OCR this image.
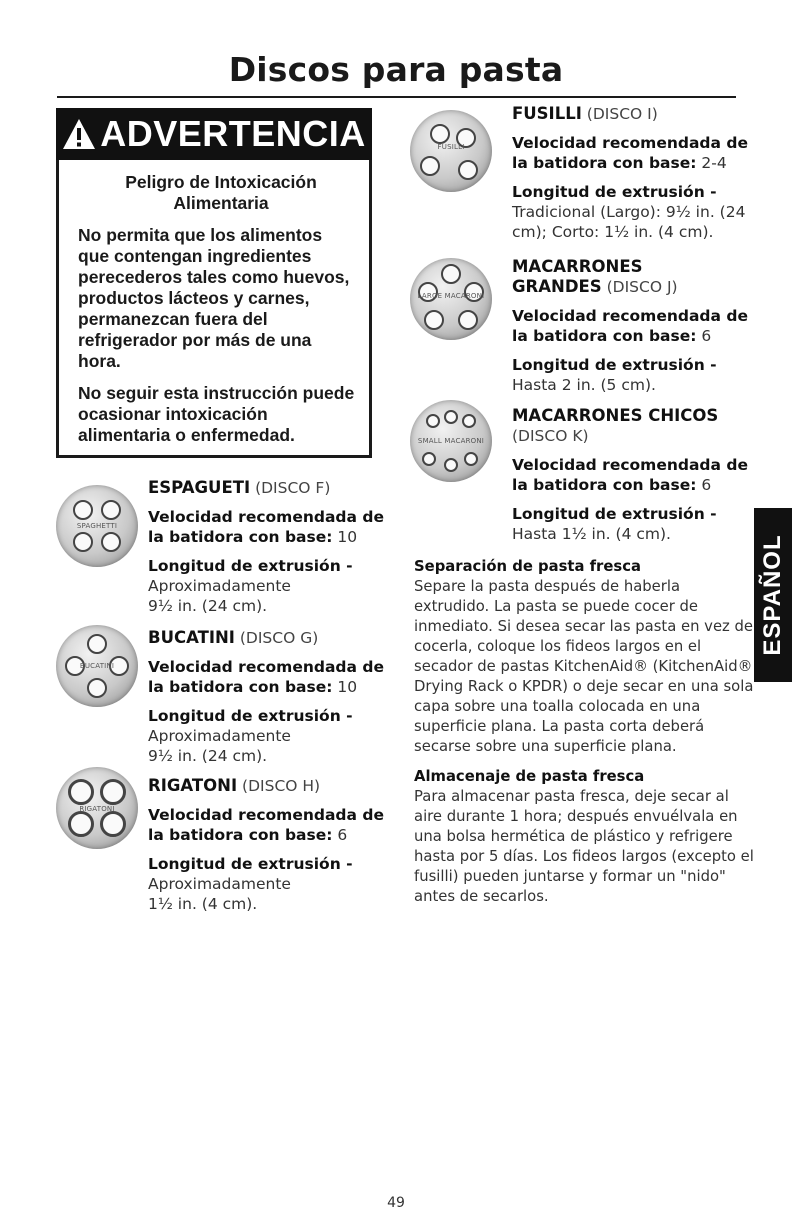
Discos para pasta
ADVERTENCIA

Peligro de Intoxicación Alimentaria

No permita que los alimentos que contengan ingredientes perecederos tales como huevos, productos lácteos y carnes, permanezcan fuera del refrigerador por más de una hora.

No seguir esta instrucción puede ocasionar intoxicación alimentaria o enfermedad.

SPAGHETTI
BUCATINI
RIGATONI
FUSILLI
LARGE MACARONI
SMALL MACARONI

ESPAGUETI (DISCO F)

Velocidad recomendada de la batidora con base: 10

Longitud de extrusión -

Aproximadamente 9½ in. (24 cm).

BUCATINI (DISCO G)

Velocidad recomendada de la batidora con base: 10

Longitud de extrusión -

Aproximadamente 9½ in. (24 cm).

RIGATONI (DISCO H)

Velocidad recomendada de la batidora con base: 6

Longitud de extrusión -

Aproximadamente 1½ in. (4 cm).

FUSILLI (DISCO I)

Velocidad recomendada de la batidora con base: 2-4

Longitud de extrusión -

Tradicional (Largo): 9½ in. (24 cm); Corto: 1½ in. (4 cm).

MACARRONES GRANDES (DISCO J)

Velocidad recomendada de la batidora con base: 6

Longitud de extrusión -

Hasta 2 in. (5 cm).

MACARRONES CHICOS (DISCO K)

Velocidad recomendada de la batidora con base: 6

Longitud de extrusión -

Hasta 1½ in. (4 cm).

Separación de pasta fresca

Separe la pasta después de haberla extrudido. La pasta se puede cocer de inmediato. Si desea secar las pasta en vez de cocerla, coloque los fideos largos en el secador de pastas KitchenAid® (KitchenAid® Drying Rack o KPDR) o deje secar en una sola capa sobre una toalla colocada en una superficie plana. La pasta corta deberá secarse sobre una superficie plana.

Almacenaje de pasta fresca

Para almacenar pasta fresca, deje secar al aire durante 1 hora; después envuélvala en una bolsa hermética de plástico y refrigere hasta por 5 días. Los fideos largos (excepto el fusilli) pueden juntarse y formar un "nido" antes de secarlos.

ESPAÑOL
49
